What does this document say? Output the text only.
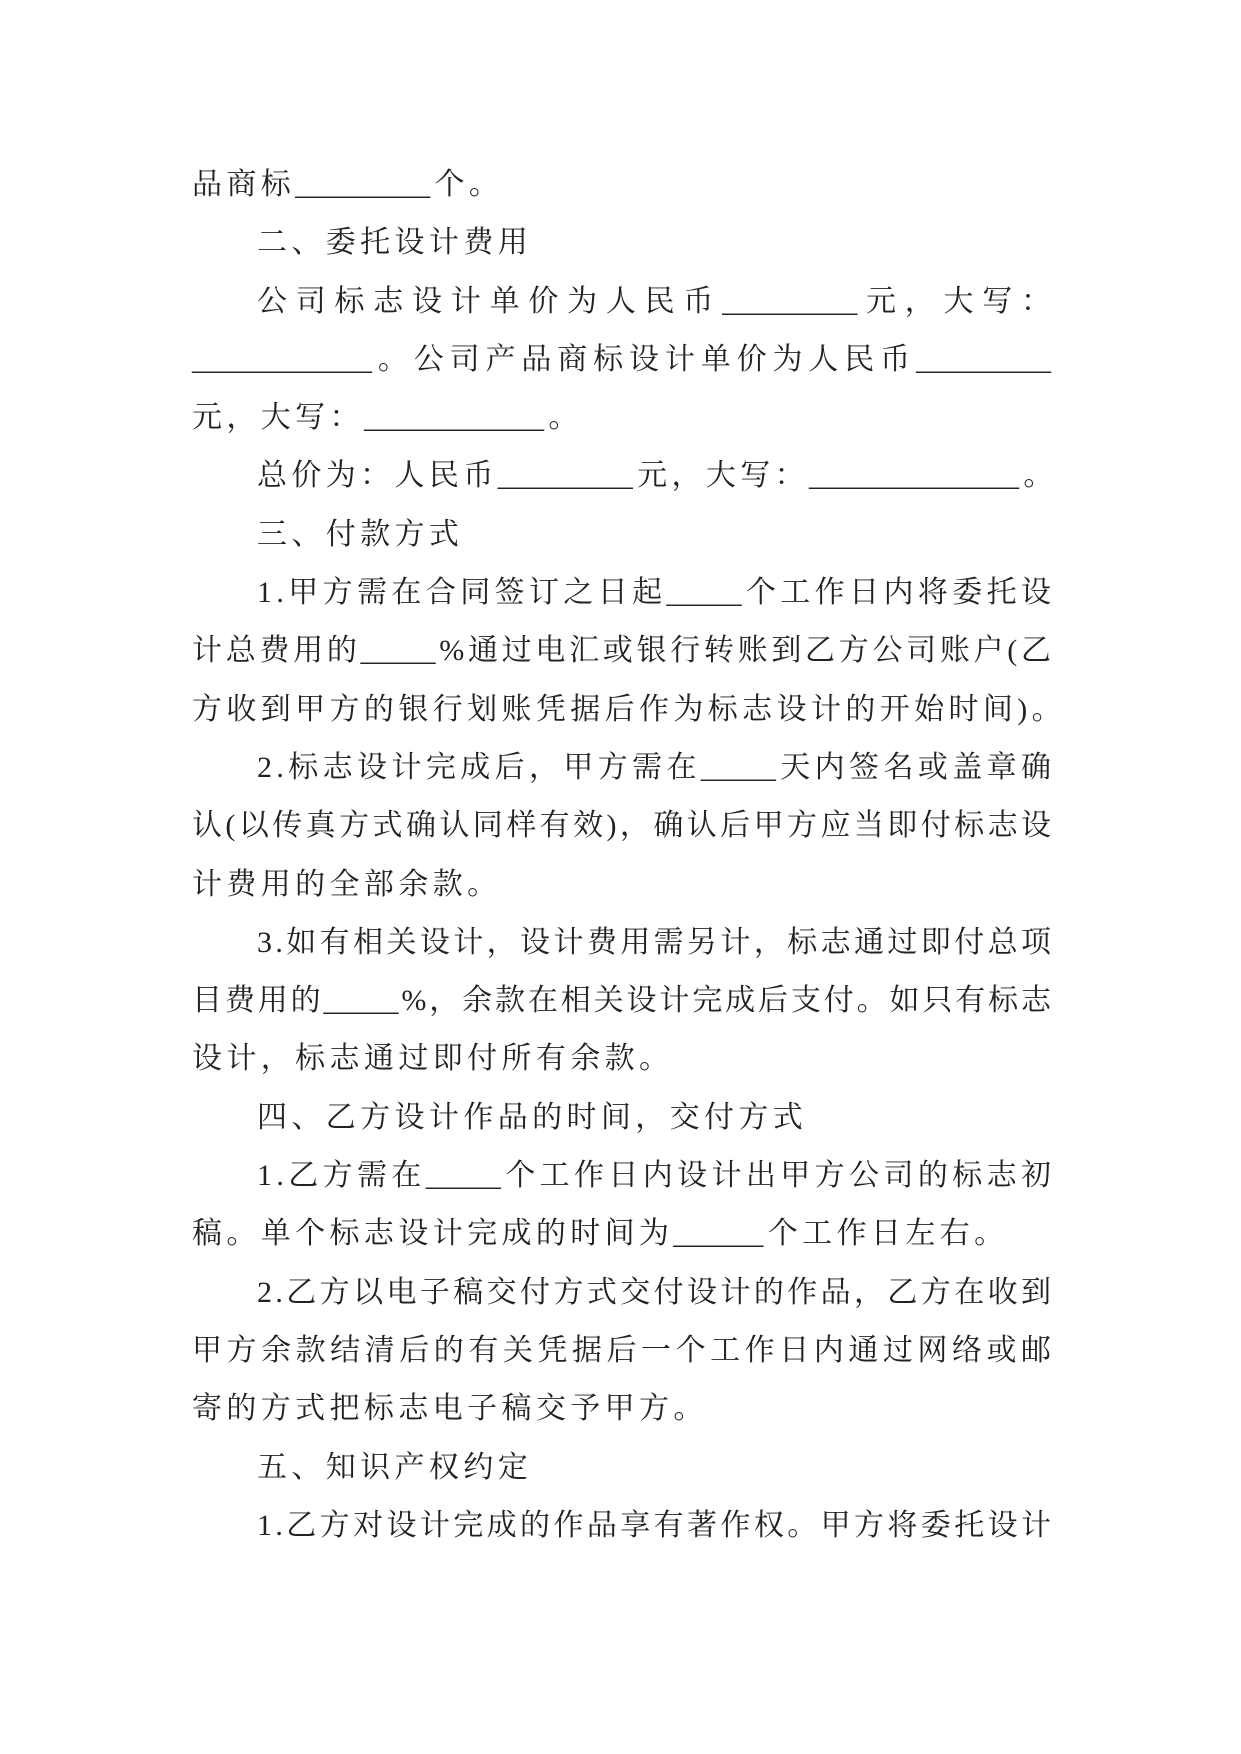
品商标_________ 个。
二、委托设计费用
公司标志设计单价为人民币_________ 元，大写：
____________ 。公司产品商标设计单价为人民币_________
元，大写：____________ 。
总价为：人民币_________ 元，大写：______________ 。
三、付款方式
1.甲方需在合同签订之日起_____ 个工作日内将委托设
计总费用的_____ %通过电汇或银行转账到乙方公司账户(乙
方收到甲方的银行划账凭据后作为标志设计的开始时间)。
2.标志设计完成后，甲方需在_____ 天内签名或盖章确
认(以传真方式确认同样有效)，确认后甲方应当即付标志设
计费用的全部余款。
3.如有相关设计，设计费用需另计，标志通过即付总项
目费用的_____%，余款在相关设计完成后支付。如只有标志
设计，标志通过即付所有余款。
四、乙方设计作品的时间，交付方式
1.乙方需在_____ 个工作日内设计出甲方公司的标志初
稿。单个标志设计完成的时间为______ 个工作日左右。
2.乙方以电子稿交付方式交付设计的作品，乙方在收到
甲方余款结清后的有关凭据后一个工作日内通过网络或邮
寄的方式把标志电子稿交予甲方。
五、知识产权约定
1.乙方对设计完成的作品享有著作权。甲方将委托设计
